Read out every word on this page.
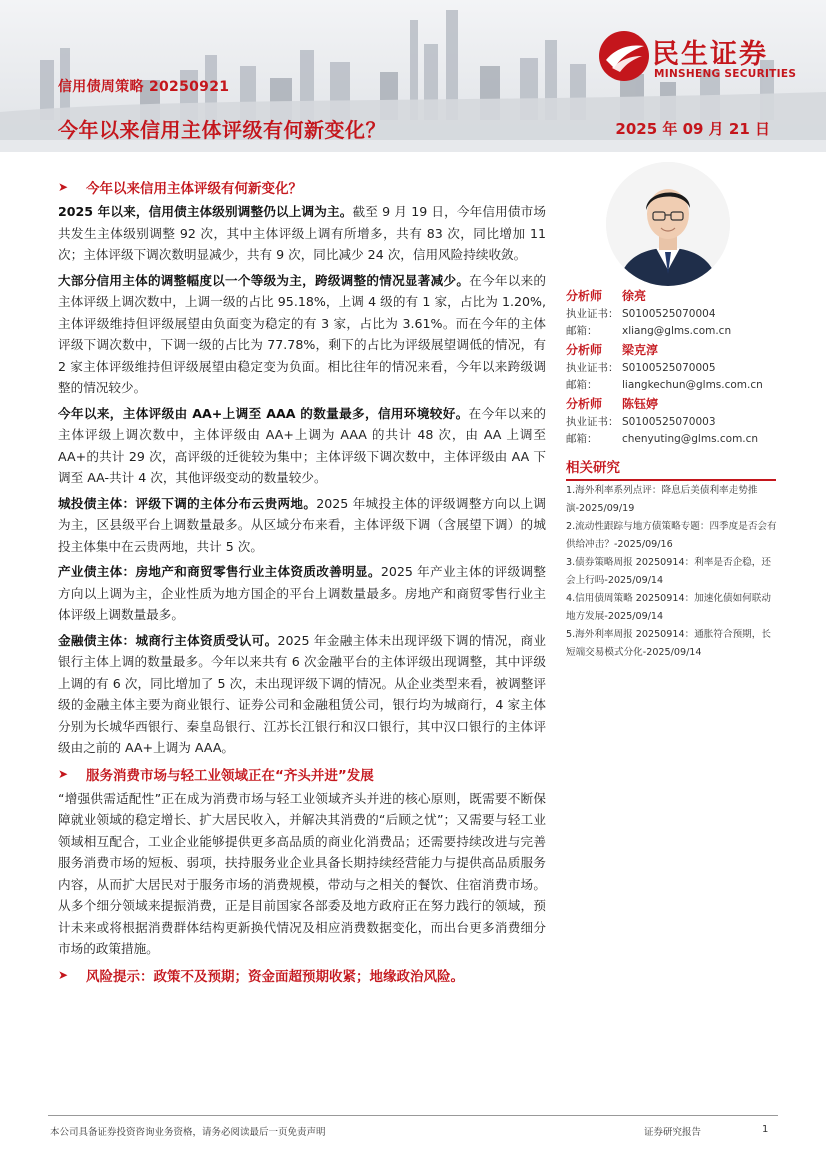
信用债周策略 20250921
今年以来信用主体评级有何新变化？	2025 年 09 月 21 日
民生证券
MINSHENG SECURITIES
➤	今年以来信用主体评级有何新变化？

2025 年以来，信用债主体级别调整仍以上调为主。截至 9 月 19 日，今年信用债市场共发生主体级别调整 92 次，其中主体评级上调有所增多，共有 83 次，同比增加 11 次；主体评级下调次数明显减少，共有 9 次，同比减少 24 次，信用风险持续收敛。

大部分信用主体的调整幅度以一个等级为主，跨级调整的情况显著减少。在今年以来的主体评级上调次数中，上调一级的占比 95.18%，上调 4 级的有 1 家，占比为 1.20%,主体评级维持但评级展望由负面变为稳定的有 3 家，占比为 3.61%。而在今年的主体评级下调次数中，下调一级的占比为 77.78%，剩下的占比为评级展望调低的情况，有 2 家主体评级维持但评级展望由稳定变为负面。相比往年的情况来看，今年以来跨级调整的情况较少。

今年以来，主体评级由 AA+上调至 AAA 的数量最多，信用环境较好。在今年以来的主体评级上调次数中，主体评级由 AA+上调为 AAA 的共计 48 次，由 AA 上调至 AA+的共计 29 次，高评级的迁徙较为集中；主体评级下调次数中，主体评级由 AA 下调至 AA-共计 4 次，其他评级变动的数量较少。

城投债主体：评级下调的主体分布云贵两地。2025 年城投主体的评级调整方向以上调为主，区县级平台上调数量最多。从区域分布来看，主体评级下调（含展望下调）的城投主体集中在云贵两地，共计 5 次。

产业债主体：房地产和商贸零售行业主体资质改善明显。2025 年产业主体的评级调整方向以上调为主，企业性质为地方国企的平台上调数量最多。房地产和商贸零售行业主体评级上调数量最多。

金融债主体：城商行主体资质受认可。2025 年金融主体未出现评级下调的情况，商业银行主体上调的数量最多。今年以来共有 6 次金融平台的主体评级出现调整，其中评级上调的有 6 次，同比增加了 5 次，未出现评级下调的情况。从企业类型来看，被调整评级的金融主体主要为商业银行、证券公司和金融租赁公司，银行均为城商行，4 家主体分别为长城华西银行、秦皇岛银行、江苏长江银行和汉口银行，其中汉口银行的主体评级由之前的 AA+上调为 AAA。

➤	服务消费市场与轻工业领域正在“齐头并进”发展

“增强供需适配性”正在成为消费市场与轻工业领域齐头并进的核心原则，既需要不断保障就业领域的稳定增长、扩大居民收入，并解决其消费的“后顾之忧”；又需要与轻工业领域相互配合，工业企业能够提供更多高品质的商业化消费品；还需要持续改进与完善服务消费市场的短板、弱项，扶持服务业企业具备长期持续经营能力与提供高品质服务内容，从而扩大居民对于服务市场的消费规模，带动与之相关的餐饮、住宿消费市场。从多个细分领域来提振消费，正是目前国家各部委及地方政府正在努力践行的领域，预计未来或将根据消费群体结构更新换代情况及相应消费数据变化，而出台更多消费细分市场的政策措施。

➤	风险提示：政策不及预期；资金面超预期收紧；地缘政治风险。
分析师	徐亮
执业证书： S0100525070004
邮箱：	xliang@glms.com.cn
分析师	梁克淳
执业证书： S0100525070005
邮箱：	liangkechun@glms.com.cn
分析师	陈钰婷
执业证书： S0100525070003
邮箱：	chenyuting@glms.com.cn
相关研究
1.海外利率系列点评：降息后美债利率走势推演-2025/09/19
2.流动性跟踪与地方债策略专题：四季度是否会有供给冲击？-2025/09/16
3.债券策略周报 20250914：利率是否企稳，还会上行吗-2025/09/14
4.信用债周策略 20250914：加速化债如何联动地方发展-2025/09/14
5.海外利率周报 20250914：通胀符合预期，长短端交易模式分化-2025/09/14
本公司具备证券投资咨询业务资格，请务必阅读最后一页免责声明	证券研究报告	1
